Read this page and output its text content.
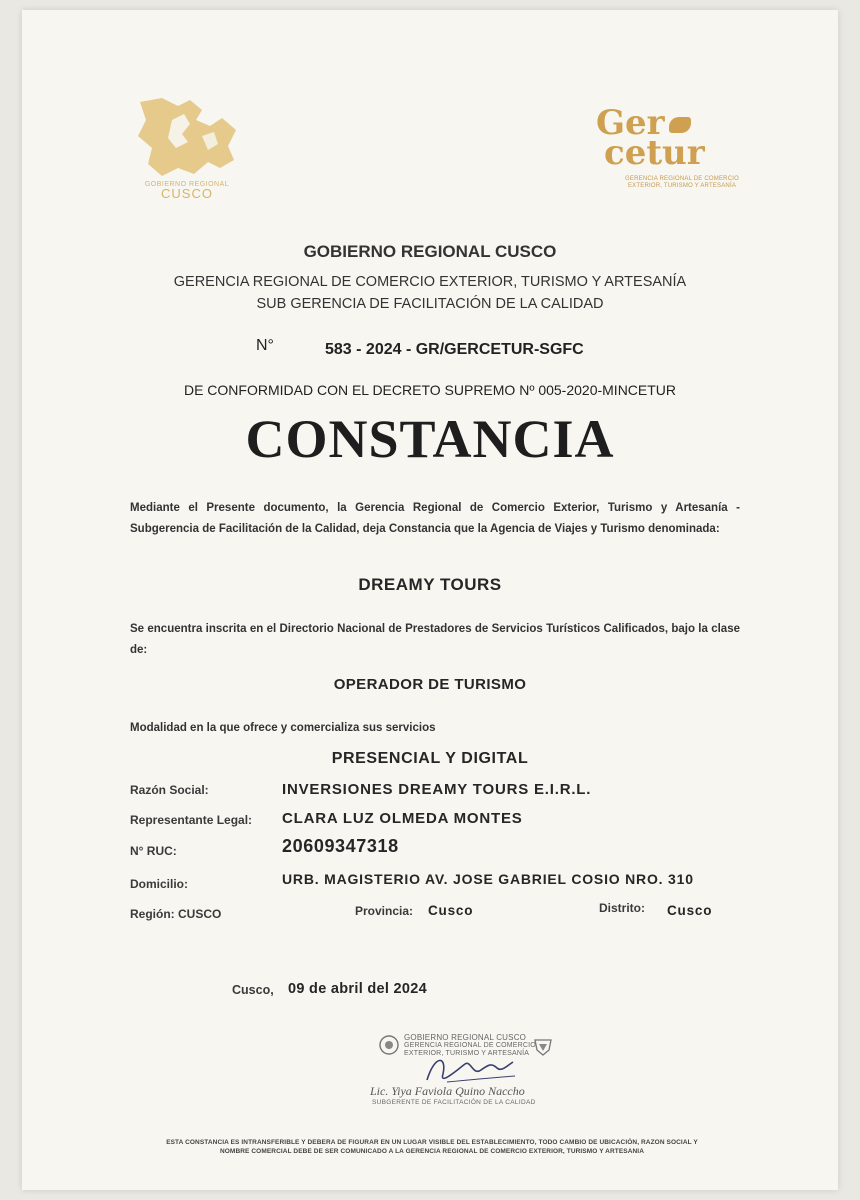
GOBIERNO REGIONAL
CUSCO
Ger
cetur
GERENCIA REGIONAL DE COMERCIO
EXTERIOR, TURISMO Y ARTESANÍA
GOBIERNO REGIONAL CUSCO
GERENCIA REGIONAL DE COMERCIO EXTERIOR, TURISMO Y ARTESANÍA
SUB GERENCIA DE FACILITACIÓN DE LA CALIDAD
N°	583 - 2024 - GR/GERCETUR-SGFC
DE CONFORMIDAD CON EL DECRETO SUPREMO Nº 005-2020-MINCETUR
CONSTANCIA
Mediante el Presente documento, la Gerencia Regional de Comercio Exterior, Turismo y Artesanía - Subgerencia de Facilitación de la Calidad, deja Constancia que la Agencia de Viajes y Turismo denominada:
DREAMY TOURS
Se encuentra inscrita en el Directorio Nacional de Prestadores de Servicios Turísticos Calificados, bajo la clase de:
OPERADOR DE TURISMO
Modalidad en la que ofrece y comercializa sus servicios
PRESENCIAL Y DIGITAL
Razón Social:	INVERSIONES DREAMY TOURS E.I.R.L.
Representante Legal: CLARA LUZ OLMEDA MONTES
N° RUC:	20609347318
Domicilio:	URB. MAGISTERIO AV. JOSE GABRIEL COSIO NRO. 310
Región: CUSCO	Provincia: Cusco	Distrito: Cusco
Cusco, 09 de abril del 2024
GOBIERNO REGIONAL CUSCO
GERENCIA REGIONAL DE COMERCIO
EXTERIOR, TURISMO Y ARTESANÍA
Lic. Yiya Faviola Quino Naccho
SUBGERENTE DE FACILITACIÓN DE LA CALIDAD
ESTA CONSTANCIA ES INTRANSFERIBLE Y DEBERA DE FIGURAR EN UN LUGAR VISIBLE DEL ESTABLECIMIENTO, TODO CAMBIO DE UBICACIÓN, RAZON SOCIAL Y
NOMBRE COMERCIAL DEBE DE SER COMUNICADO A LA GERENCIA REGIONAL DE COMERCIO EXTERIOR, TURISMO Y ARTESANIA
